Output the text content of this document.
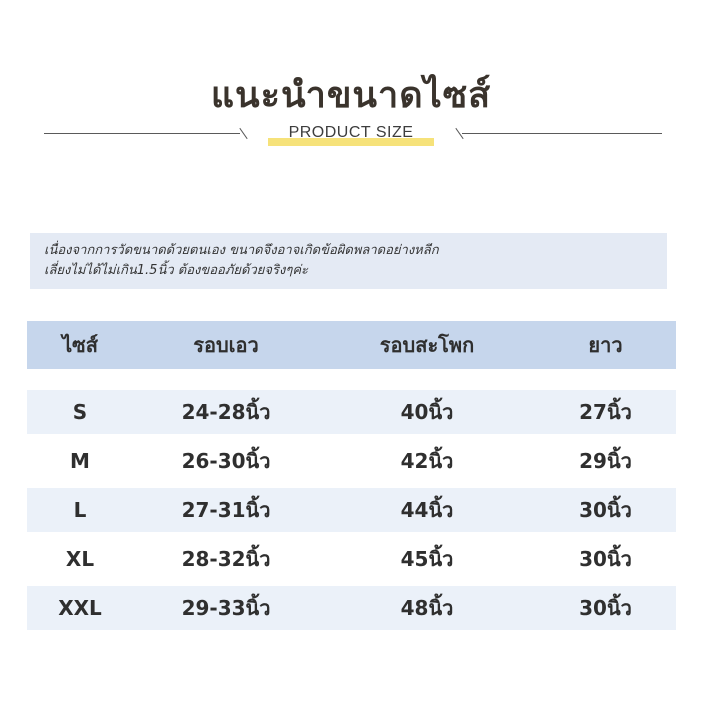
แนะนำขนาดไซส์
PRODUCT SIZE

เนื่องจากการวัดขนาดด้วยตนเอง ขนาดจึงอาจเกิดข้อผิดพลาดอย่างหลีก

เลี่ยงไม่ได้ไม่เกิน1.5นิ้ว ต้องขออภัยด้วยจริงๆค่ะ

ไซส์	รอบเอว	รอบสะโพก	ยาว
S	24-28นิ้ว	40นิ้ว	27นิ้ว
M	26-30นิ้ว	42นิ้ว	29นิ้ว
L	27-31นิ้ว	44นิ้ว	30นิ้ว
XL	28-32นิ้ว	45นิ้ว	30นิ้ว
XXL	29-33นิ้ว	48นิ้ว	30นิ้ว
